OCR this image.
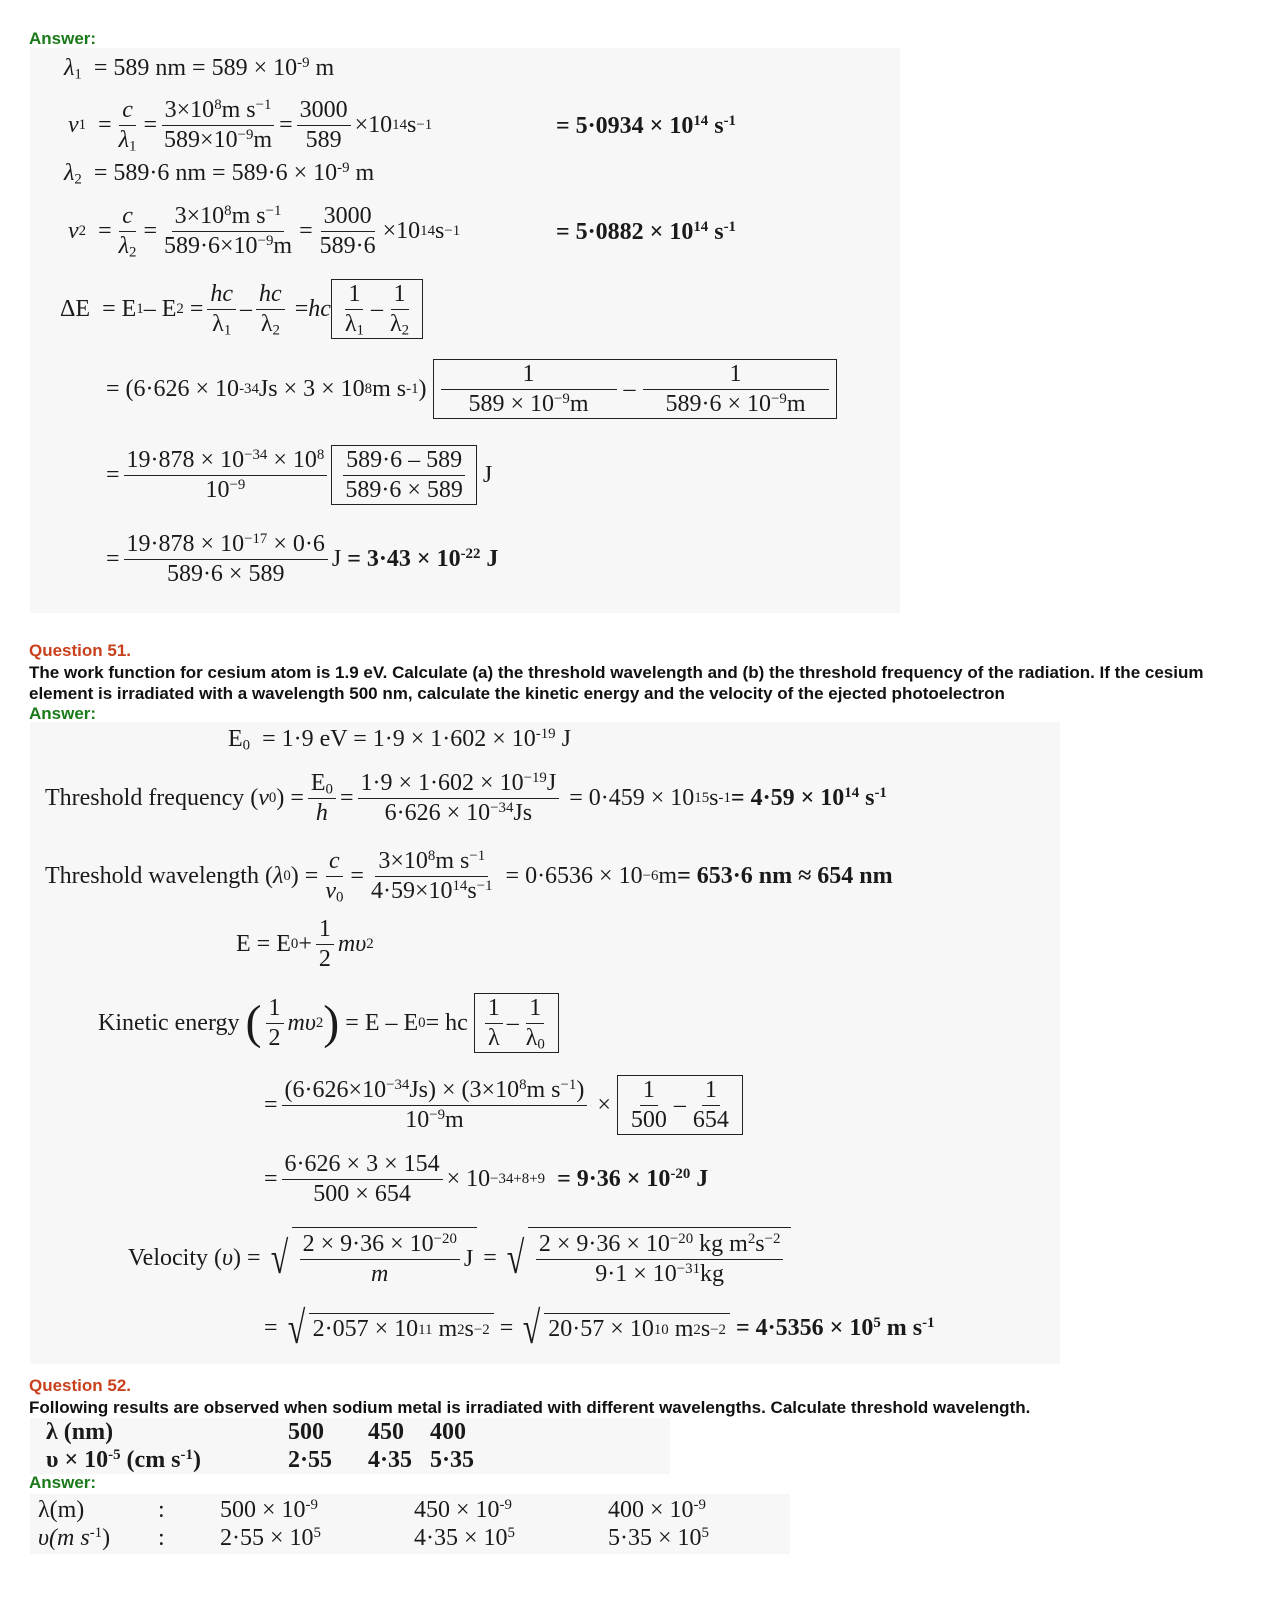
Answer:
$\lambda_1 = 589$ nm = $589 \times 10^{-9}$ m
v 1
= $\frac{c}{\lambda_1} = \frac{3\times 10^8m s^{-1}}{589\times 10^{-9}m} = \frac{3000}{589} \times 10$ 14 s −1	= $5\cdot 0934 \times 10^{14}$ $s^{-1}$
$\lambda_2 = 589\cdot 6$ nm = $589\cdot 6 \times 10^{-9}$ m
v 2
= $\frac{c}{\lambda_2} = \frac{3\times 10^8m s^{-1}}{589\cdot 6\times 10^{-9}m} = \frac{3000}{589\cdot 6} \times 10$ 14 s −1	= $5\cdot 0882 \times 10^{14}$ $s^{-1}$
ΔE
= E 1 – E 2
= $\frac{hc}{\lambda_1} - \frac{hc}{\lambda_2}$
= hc $\frac{1}{\lambda_1} - \frac{1}{\lambda_2}$
= (6·626 × 10 -34 Js × 3 × 10 8 m s -1 )
$\frac{1}{589 \times 10^{-9}m} - \frac{1}{589\cdot 6 \times 10^{-9}m}$
= $\frac{19\cdot 878 \times 10^{-34} \times 10^8}{10^{-9}} \frac{589\cdot 6 - 589}{589\cdot 6 \times 589}$
J
= $\frac{19\cdot 878 \times 10^{-17} \times 0\cdot 6}{589\cdot 6 \times 589}$ J
= $3\cdot 43 \times 10^{-22}$ J
Question 51.
The work function for cesium atom is 1.9 eV. Calculate (a) the threshold wavelength and (b) the threshold frequency of the radiation. If the cesium element is irradiated with a wavelength 500 nm, calculate the kinetic energy and the velocity of the ejected photoelectron
Answer:
$E_0 = 1\cdot 9$ eV = $1\cdot 9 \times 1\cdot 602 \times 10^{-19}$ J
Threshold frequency ( v 0 ) = $\frac{E_0}{h} = \frac{1\cdot 9 \times 1\cdot 602 \times 10^{-19}J}{6\cdot 626 \times 10^{-34}Js}$
= 0·459 × 10 15 s $-1 = 4\cdot 59 \times 10^{14}$ $s^{-1}$
Threshold wavelength ( λ 0 ) = $\frac{c}{v_0} = \frac{3\times 10^8m s^{-1}}{4\cdot 59\times 10^{14}s^{-1}}$
= 0·6536 × 10 −6 m = 653·6 nm ≈ 654 nm
E
= E $0 + \frac{1}{2}$ mυ 2
Kinetic energy
( $\frac{1}{2}$ mυ 2 )
= E – E 0 = hc
$\frac{1}{\lambda} - \frac{1}{\lambda_0}$
= $\frac{(6\cdot 626\times 10^{-34}Js) \times (3\times 10^8m s^{-1})}{10^{-9}m}$
×
$\frac{1}{500} - \frac{1}{654}$
= $\frac{6\cdot 626 \times 3 \times 154}{500 \times 654} \times 10 -34+8+9$
= $9\cdot 36 \times 10^{-20}$ J
Velocity ( υ ) =
√ $\frac{2 \times 9\cdot 36 \times 10^{-20}}{m}$ J
=
√ $\frac{2 \times 9\cdot 36 \times 10^{-20} kg m^2s^{-2}}{9\cdot 1 \times 10^{-31}kg}$
=
√ 2·057 × 10 11
m 2 s −2
=
√ 20·57 × 10 10
m 2 s −2
= $4\cdot 5356 \times 10^5$ m $s^{-1}$
Question 52.
Following results are observed when sodium metal is irradiated with different wavelengths. Calculate threshold wavelength.
λ (nm)	500	450	400
$\upsilon \times 10^{-5}$ (cm $s^{-1}$)	2·55	4·35 5·35
Answer:
λ(m)	:	$500 \times 10^{-9}$	$450 \times 10^{-9}$	$400 \times 10^{-9}$
υ(m $s^{-1}$)	:	$2\cdot 55 \times 10^5$	$4\cdot 35 \times 10^5$	$5\cdot 35 \times 10^5$
